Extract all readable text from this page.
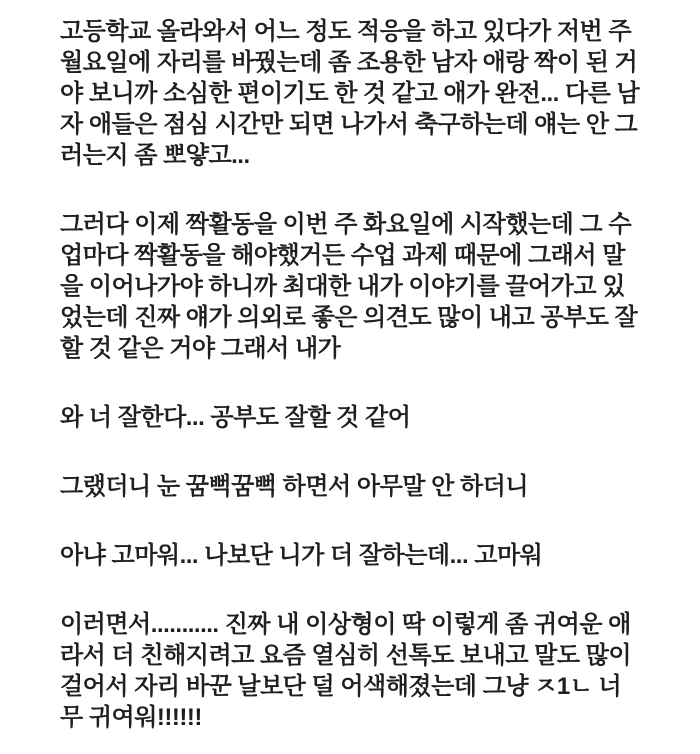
고등학교 올라와서 어느 정도 적응을 하고 있다가 저번 주 월요일에 자리를 바꿨는데 좀 조용한 남자 애랑 짝이 된 거야 보니까 소심한 편이기도 한 것 같고 애가 완전... 다른 남자 애들은 점심 시간만 되면 나가서 축구하는데 얘는 안 그러는지 좀 뽀얗고...

그러다 이제 짝활동을 이번 주 화요일에 시작했는데 그 수업마다 짝활동을 해야했거든 수업 과제 때문에 그래서 말을 이어나가야 하니까 최대한 내가 이야기를 끌어가고 있었는데 진짜 얘가 의외로 좋은 의견도 많이 내고 공부도 잘할 것 같은 거야 그래서 내가

와 너 잘한다... 공부도 잘할 것 같어

그랬더니 눈 꿈뻑꿈뻑 하면서 아무말 안 하더니

아냐 고마워... 나보단 니가 더 잘하는데... 고마워

이러면서........... 진짜 내 이상형이 딱 이렇게 좀 귀여운 애라서 더 친해지려고 요즘 열심히 선톡도 보내고 말도 많이 걸어서 자리 바꾼 날보단 덜 어색해졌는데 그냥 ㅈ1ㄴ 너무 귀여워!!!!!!
